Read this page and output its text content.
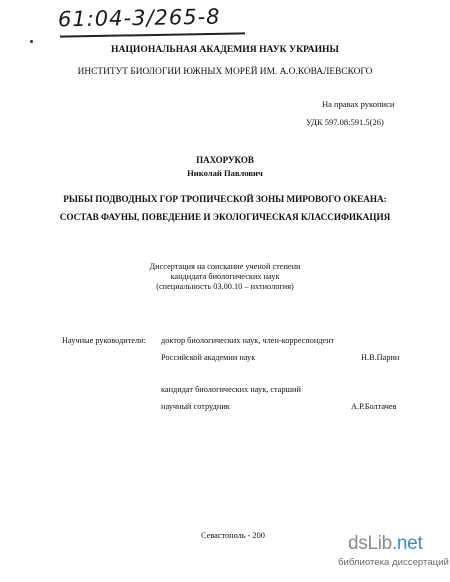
61:04-3/265-8
НАЦИОНАЛЬНАЯ АКАДЕМИЯ НАУК УКРАИНЫ
ИНСТИТУТ БИОЛОГИИ ЮЖНЫХ МОРЕЙ ИМ. А.О.КОВАЛЕВСКОГО
На правах рукописи
УДК 597.08:591.5(26)
ПАХОРУКОВ
Николай Павлович
РЫБЫ ПОДВОДНЫХ ГОР ТРОПИЧЕСКОЙ ЗОНЫ МИРОВОГО ОКЕАНА:
СОСТАВ ФАУНЫ, ПОВЕДЕНИЕ И ЭКОЛОГИЧЕСКАЯ КЛАССИФИКАЦИЯ
Диссертация на соискание ученой степени
кандидата биологических наук
(специальность 03.00.10 – ихтиология)
Научные руководители: доктор биологических наук, член-корреспондент
Российской академии наук	Н.В.Парин
кандидат биологических наук, старший
научный сотрудник	А.Р.Болтачев
Севастополь - 200	dsLib.net
библиотека диссертаций
